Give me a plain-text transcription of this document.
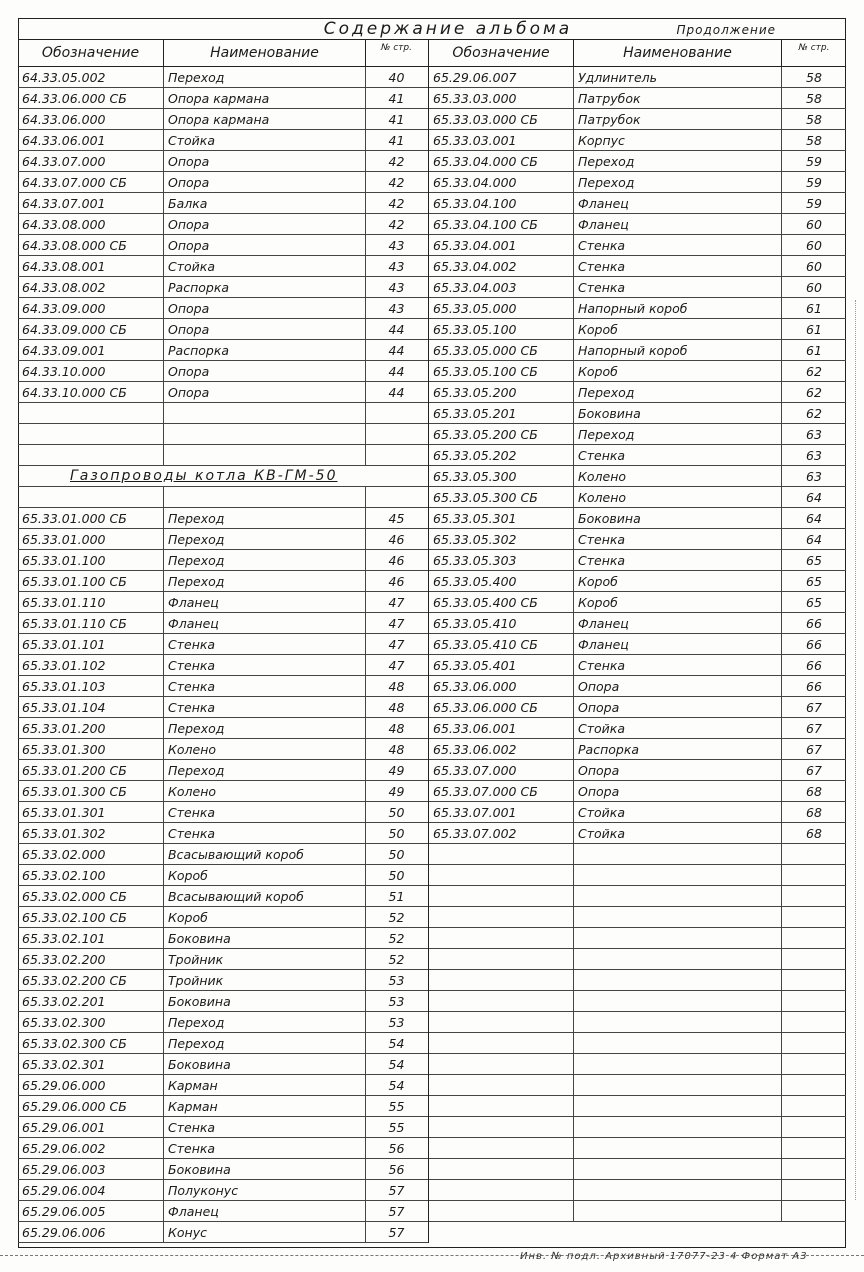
Содержание альбома	Продолжение
Обозначение	Наименование	№ стр.
64.33.05.002	Переход	40
64.33.06.000 СБ	Опора кармана	41
64.33.06.000	Опора кармана	41
64.33.06.001	Стойка	41
64.33.07.000	Опора	42
64.33.07.000 СБ	Опора	42
64.33.07.001	Балка	42
64.33.08.000	Опора	42
64.33.08.000 СБ	Опора	43
64.33.08.001	Стойка	43
64.33.08.002	Распорка	43
64.33.09.000	Опора	43
64.33.09.000 СБ	Опора	44
64.33.09.001	Распорка	44
64.33.10.000	Опора	44
64.33.10.000 СБ	Опора	44
Газопроводы котла КВ-ГМ-50
65.33.01.000 СБ	Переход	45
65.33.01.000	Переход	46
65.33.01.100	Переход	46
65.33.01.100 СБ	Переход	46
65.33.01.110	Фланец	47
65.33.01.110 СБ	Фланец	47
65.33.01.101	Стенка	47
65.33.01.102	Стенка	47
65.33.01.103	Стенка	48
65.33.01.104	Стенка	48
65.33.01.200	Переход	48
65.33.01.300	Колено	48
65.33.01.200 СБ	Переход	49
65.33.01.300 СБ	Колено	49
65.33.01.301	Стенка	50
65.33.01.302	Стенка	50
65.33.02.000	Всасывающий короб	50
65.33.02.100	Короб	50
65.33.02.000 СБ	Всасывающий короб	51
65.33.02.100 СБ	Короб	52
65.33.02.101	Боковина	52
65.33.02.200	Тройник	52
65.33.02.200 СБ	Тройник	53
65.33.02.201	Боковина	53
65.33.02.300	Переход	53
65.33.02.300 СБ	Переход	54
65.33.02.301	Боковина	54
65.29.06.000	Карман	54
65.29.06.000 СБ	Карман	55
65.29.06.001	Стенка	55
65.29.06.002	Стенка	56
65.29.06.003	Боковина	56
65.29.06.004	Полуконус	57
65.29.06.005	Фланец	57
65.29.06.006	Конус	57
Обозначение	Наименование	№ стр.
65.29.06.007	Удлинитель	58
65.33.03.000	Патрубок	58
65.33.03.000 СБ	Патрубок	58
65.33.03.001	Корпус	58
65.33.04.000 СБ	Переход	59
65.33.04.000	Переход	59
65.33.04.100	Фланец	59
65.33.04.100 СБ	Фланец	60
65.33.04.001	Стенка	60
65.33.04.002	Стенка	60
65.33.04.003	Стенка	60
65.33.05.000	Напорный короб	61
65.33.05.100	Короб	61
65.33.05.000 СБ	Напорный короб	61
65.33.05.100 СБ	Короб	62
65.33.05.200	Переход	62
65.33.05.201	Боковина	62
65.33.05.200 СБ	Переход	63
65.33.05.202	Стенка	63
65.33.05.300	Колено	63
65.33.05.300 СБ	Колено	64
65.33.05.301	Боковина	64
65.33.05.302	Стенка	64
65.33.05.303	Стенка	65
65.33.05.400	Короб	65
65.33.05.400 СБ	Короб	65
65.33.05.410	Фланец	66
65.33.05.410 СБ	Фланец	66
65.33.05.401	Стенка	66
65.33.06.000	Опора	66
65.33.06.000 СБ	Опора	67
65.33.06.001	Стойка	67
65.33.06.002	Распорка	67
65.33.07.000	Опора	67
65.33.07.000 СБ	Опора	68
65.33.07.001	Стойка	68
65.33.07.002	Стойка	68
Инв. № подл. Архивный 17077-23 4 Формат А3
